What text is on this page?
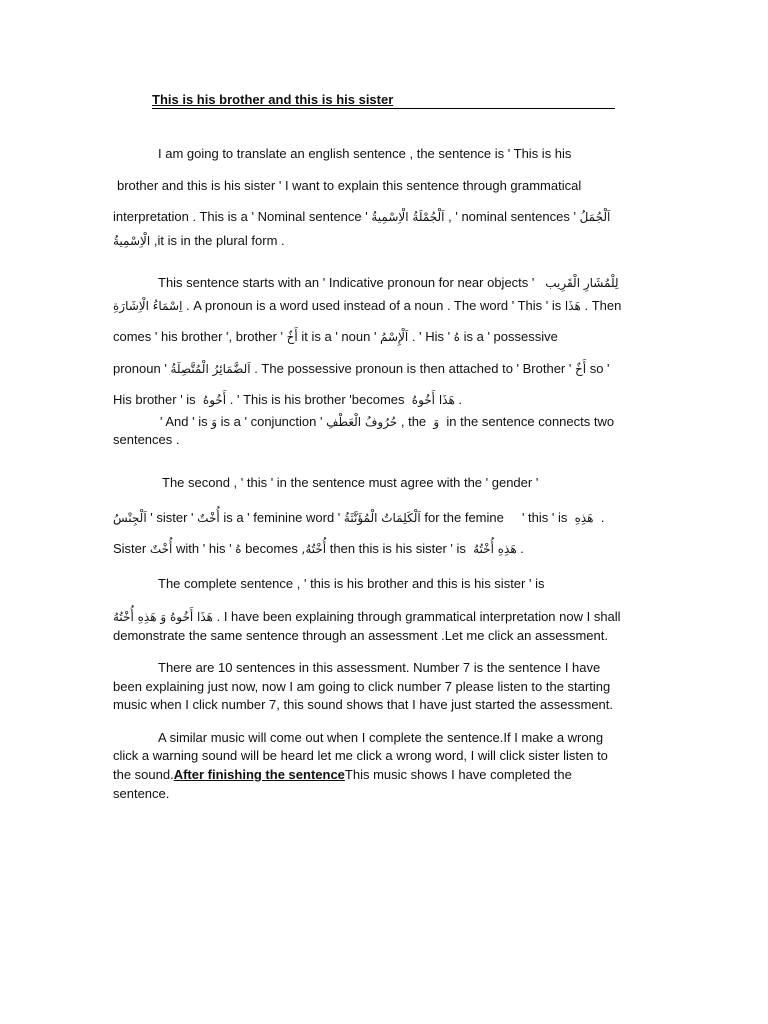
This is his brother and this is his sister
I am going to translate an english sentence , the sentence is ' This is his
brother and this is his sister ' I want to explain this sentence through grammatical
interpretation . This is a ' Nominal sentence ' اَلْجُمْلَةُ الْاِسْمِيةُ , ' nominal sentences ' اَلْجُمَلُ
الْاِسْمِيةُ ,it is in the plural form .
This sentence starts with an ' Indicative pronoun for near objects ' لِلْمُشَارِ الْقَرِيب
اِسْمَاءُ الْاِشَارَةِ . A pronoun is a word used instead of a noun . The word ' This ' is هَذَا . Then
comes ' his brother ', brother ' أَخٌ it is a ' noun ' اَلْإِسْمُ . ' His ' هُ is a ' possessive
pronoun ' اَلضَّمَائِرُ الْمُتَّصِلَةُ . The possessive pronoun is then attached to ' Brother ' أَخٌ so '
His brother ' is أَخُوهُ . ' This is his brother 'becomes هَذَا أَخُوهُ .
' And ' is وَ is a ' conjunction ' حُرُوفُ الْعَطْفِ , the وَ in the sentence connects two
sentences .
The second , ' this ' in the sentence must agree with the ' gender '
اَلْجِنْسُ ' sister ' أُخْتٌ is a ' feminine word ' اَلْكَلِمَاتُ الْمُؤَنَّثَةُ for the femine ' this ' is هَذِهِ .
Sister أُخْتٌ with ' his ' هُ becomes أُخْتُهُ, then this is his sister ' is هَذِهِ أُخْتُهُ .
The complete sentence , ' this is his brother and this is his sister ' is
هَذَا أَخُوهُ وَ هَذِهِ أُخْتُهُ . I have been explaining through grammatical interpretation now I shall
demonstrate the same sentence through an assessment .Let me click an assessment.
There are 10 sentences in this assessment. Number 7 is the sentence I have
been explaining just now, now I am going to click number 7 please listen to the starting
music when I click number 7, this sound shows that I have just started the assessment.
A similar music will come out when I complete the sentence.If I make a wrong
click a warning sound will be heard let me click a wrong word, I will click sister listen to
the sound.After finishing the sentenceThis music shows I have completed the
sentence.
